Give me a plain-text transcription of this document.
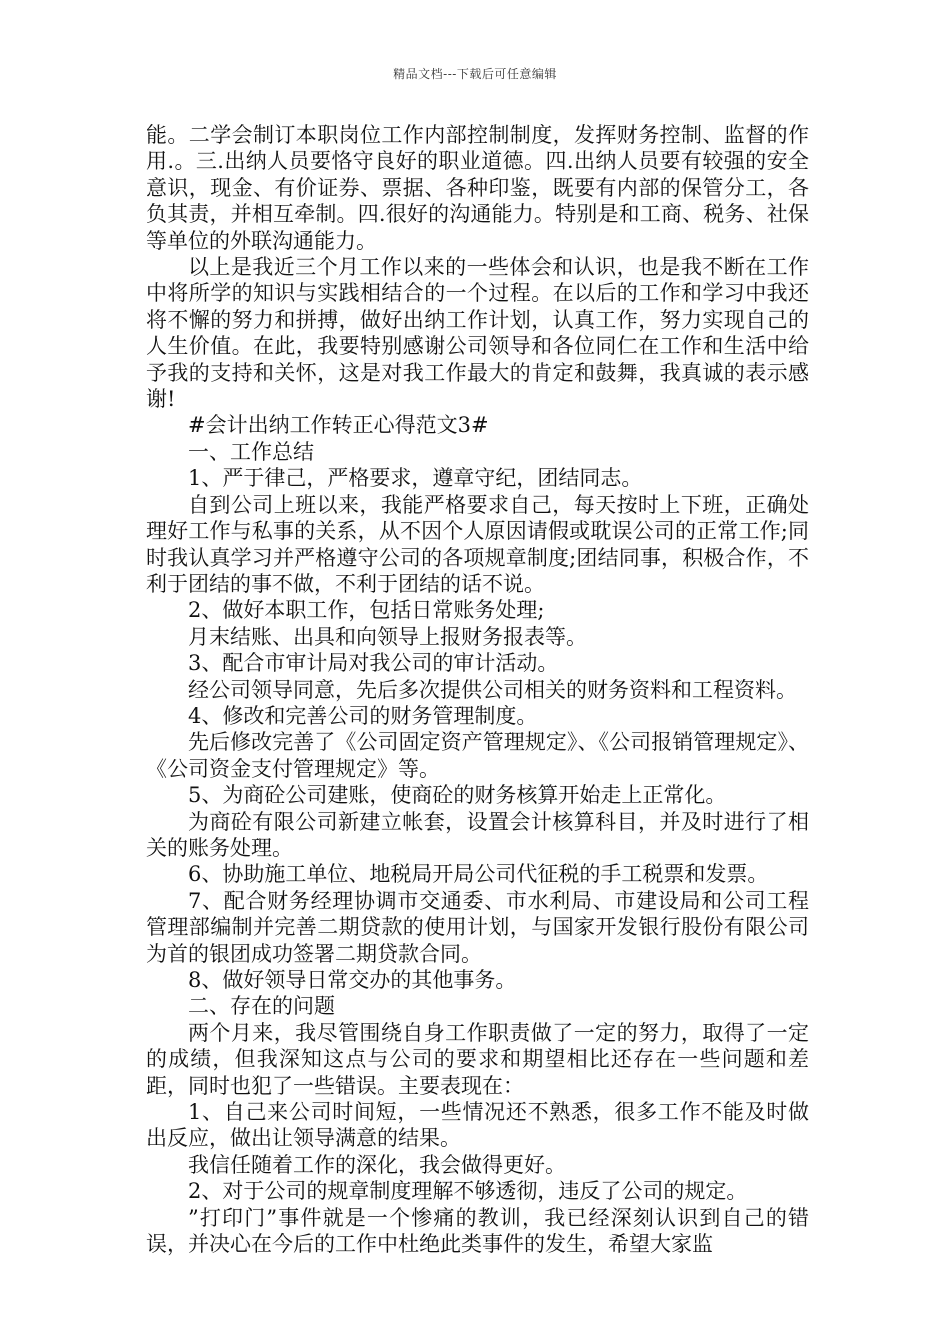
精品文档---下载后可任意编辑

能。二学会制订本职岗位工作内部控制制度，发挥财务控制、监督的作用.。三.出纳人员要恪守良好的职业道德。四.出纳人员要有较强的安全意识，现金、有价证券、票据、各种印鉴，既要有内部的保管分工，各负其责，并相互牵制。四.很好的沟通能力。特别是和工商、税务、社保等单位的外联沟通能力。

以上是我近三个月工作以来的一些体会和认识，也是我不断在工作中将所学的知识与实践相结合的一个过程。在以后的工作和学习中我还将不懈的努力和拼搏，做好出纳工作计划，认真工作，努力实现自己的人生价值。在此，我要特别感谢公司领导和各位同仁在工作和生活中给予我的支持和关怀，这是对我工作最大的肯定和鼓舞，我真诚的表示感谢!

#会计出纳工作转正心得范文3#

一、工作总结

1、严于律己，严格要求，遵章守纪，团结同志。

自到公司上班以来，我能严格要求自己，每天按时上下班，正确处理好工作与私事的关系，从不因个人原因请假或耽误公司的正常工作;同时我认真学习并严格遵守公司的各项规章制度;团结同事，积极合作，不利于团结的事不做，不利于团结的话不说。

2、做好本职工作，包括日常账务处理;

月末结账、出具和向领导上报财务报表等。

3、配合市审计局对我公司的审计活动。

经公司领导同意，先后多次提供公司相关的财务资料和工程资料。

4、修改和完善公司的财务管理制度。

先后修改完善了《公司固定资产管理规定》、《公司报销管理规定》、《公司资金支付管理规定》等。

5、为商砼公司建账，使商砼的财务核算开始走上正常化。

为商砼有限公司新建立帐套，设置会计核算科目，并及时进行了相关的账务处理。

6、协助施工单位、地税局开局公司代征税的手工税票和发票。

7、配合财务经理协调市交通委、市水利局、市建设局和公司工程管理部编制并完善二期贷款的使用计划，与国家开发银行股份有限公司为首的银团成功签署二期贷款合同。

8、做好领导日常交办的其他事务。

二、存在的问题

两个月来，我尽管围绕自身工作职责做了一定的努力，取得了一定的成绩，但我深知这点与公司的要求和期望相比还存在一些问题和差距，同时也犯了一些错误。主要表现在：

1、自己来公司时间短，一些情况还不熟悉，很多工作不能及时做出反应，做出让领导满意的结果。

我信任随着工作的深化，我会做得更好。

2、对于公司的规章制度理解不够透彻，违反了公司的规定。

”打印门”事件就是一个惨痛的教训，我已经深刻认识到自己的错误，并决心在今后的工作中杜绝此类事件的发生，希望大家监
